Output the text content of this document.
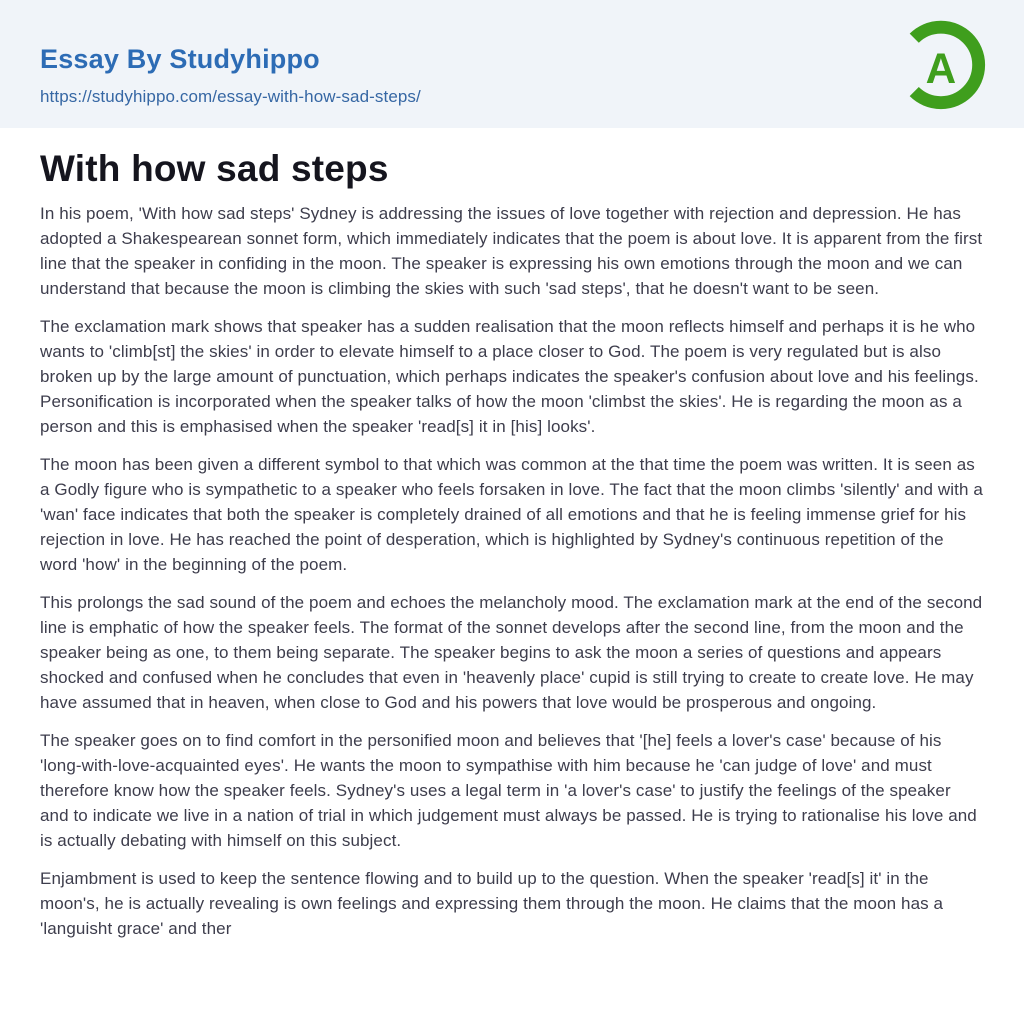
Essay By Studyhippo
https://studyhippo.com/essay-with-how-sad-steps/
A
With how sad steps

In his poem, 'With how sad steps' Sydney is addressing the issues of love together with rejection and depression. He has adopted a Shakespearean sonnet form, which immediately indicates that the poem is about love. It is apparent from the first line that the speaker in confiding in the moon. The speaker is expressing his own emotions through the moon and we can understand that because the moon is climbing the skies with such 'sad steps', that he doesn't want to be seen.

The exclamation mark shows that speaker has a sudden realisation that the moon reflects himself and perhaps it is he who wants to 'climb[st] the skies' in order to elevate himself to a place closer to God. The poem is very regulated but is also broken up by the large amount of punctuation, which perhaps indicates the speaker's confusion about love and his feelings. Personification is incorporated when the speaker talks of how the moon 'climbst the skies'. He is regarding the moon as a person and this is emphasised when the speaker 'read[s] it in [his] looks'.

The moon has been given a different symbol to that which was common at the that time the poem was written. It is seen as a Godly figure who is sympathetic to a speaker who feels forsaken in love. The fact that the moon climbs 'silently' and with a 'wan' face indicates that both the speaker is completely drained of all emotions and that he is feeling immense grief for his rejection in love. He has reached the point of desperation, which is highlighted by Sydney's continuous repetition of the word 'how' in the beginning of the poem.

This prolongs the sad sound of the poem and echoes the melancholy mood. The exclamation mark at the end of the second line is emphatic of how the speaker feels. The format of the sonnet develops after the second line, from the moon and the speaker being as one, to them being separate. The speaker begins to ask the moon a series of questions and appears shocked and confused when he concludes that even in 'heavenly place' cupid is still trying to create to create love. He may have assumed that in heaven, when close to God and his powers that love would be prosperous and ongoing.

The speaker goes on to find comfort in the personified moon and believes that '[he] feels a lover's case' because of his 'long-with-love-acquainted eyes'. He wants the moon to sympathise with him because he 'can judge of love' and must therefore know how the speaker feels. Sydney's uses a legal term in 'a lover's case' to justify the feelings of the speaker and to indicate we live in a nation of trial in which judgement must always be passed. He is trying to rationalise his love and is actually debating with himself on this subject.

Enjambment is used to keep the sentence flowing and to build up to the question. When the speaker 'read[s] it' in the moon's, he is actually revealing is own feelings and expressing them through the moon. He claims that the moon has a 'languisht grace' and ther
